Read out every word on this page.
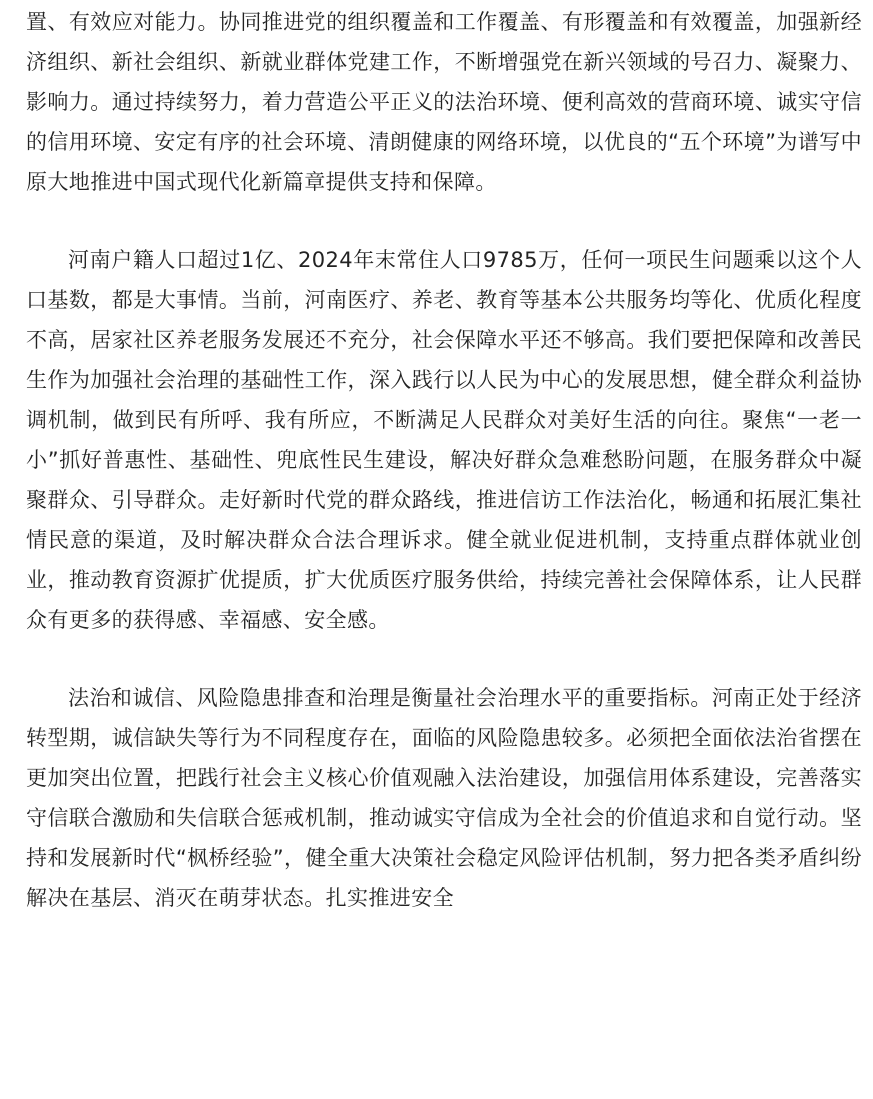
置、有效应对能力。协同推进党的组织覆盖和工作覆盖、有形覆盖和有效覆盖，加强新经济组织、新社会组织、新就业群体党建工作，不断增强党在新兴领域的号召力、凝聚力、影响力。通过持续努力，着力营造公平正义的法治环境、便利高效的营商环境、诚实守信的信用环境、安定有序的社会环境、清朗健康的网络环境，以优良的“五个环境”为谱写中原大地推进中国式现代化新篇章提供支持和保障。

河南户籍人口超过1亿、2024年末常住人口9785万，任何一项民生问题乘以这个人口基数，都是大事情。当前，河南医疗、养老、教育等基本公共服务均等化、优质化程度不高，居家社区养老服务发展还不充分，社会保障水平还不够高。我们要把保障和改善民生作为加强社会治理的基础性工作，深入践行以人民为中心的发展思想，健全群众利益协调机制，做到民有所呼、我有所应，不断满足人民群众对美好生活的向往。聚焦“一老一小”抓好普惠性、基础性、兜底性民生建设，解决好群众急难愁盼问题，在服务群众中凝聚群众、引导群众。走好新时代党的群众路线，推进信访工作法治化，畅通和拓展汇集社情民意的渠道，及时解决群众合法合理诉求。健全就业促进机制，支持重点群体就业创业，推动教育资源扩优提质，扩大优质医疗服务供给，持续完善社会保障体系，让人民群众有更多的获得感、幸福感、安全感。

法治和诚信、风险隐患排查和治理是衡量社会治理水平的重要指标。河南正处于经济转型期，诚信缺失等行为不同程度存在，面临的风险隐患较多。必须把全面依法治省摆在更加突出位置，把践行社会主义核心价值观融入法治建设，加强信用体系建设，完善落实守信联合激励和失信联合惩戒机制，推动诚实守信成为全社会的价值追求和自觉行动。坚持和发展新时代“枫桥经验”，健全重大决策社会稳定风险评估机制，努力把各类矛盾纠纷解决在基层、消灭在萌芽状态。扎实推进安全
